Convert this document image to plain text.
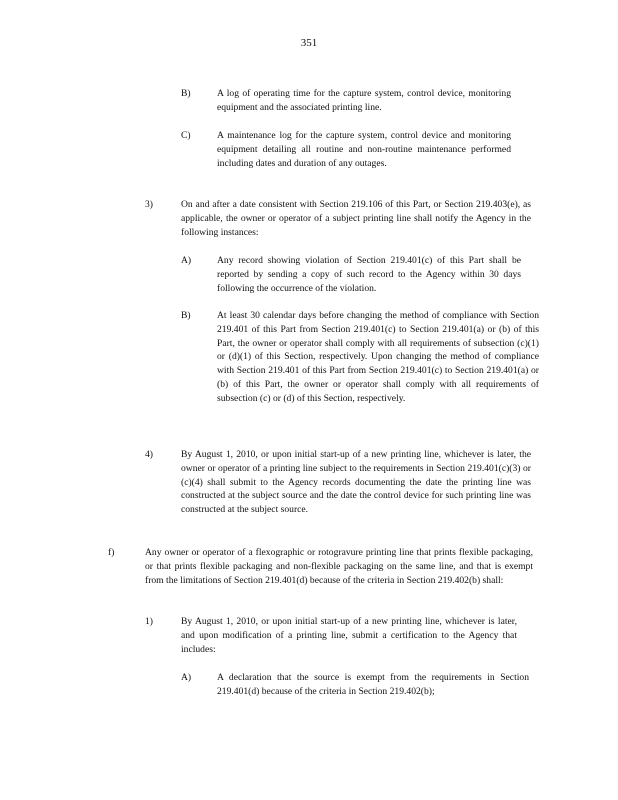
351
B)	A log of operating time for the capture system, control device, monitoring equipment and the associated printing line.
C)	A maintenance log for the capture system, control device and monitoring equipment detailing all routine and non-routine maintenance performed including dates and duration of any outages.
3)	On and after a date consistent with Section 219.106 of this Part, or Section 219.403(e), as applicable, the owner or operator of a subject printing line shall notify the Agency in the following instances:
A)	Any record showing violation of Section 219.401(c) of this Part shall be reported by sending a copy of such record to the Agency within 30 days following the occurrence of the violation.
B)	At least 30 calendar days before changing the method of compliance with Section 219.401 of this Part from Section 219.401(c) to Section 219.401(a) or (b) of this Part, the owner or operator shall comply with all requirements of subsection (c)(1) or (d)(1) of this Section, respectively. Upon changing the method of compliance with Section 219.401 of this Part from Section 219.401(c) to Section 219.401(a) or (b) of this Part, the owner or operator shall comply with all requirements of subsection (c) or (d) of this Section, respectively.
4)	By August 1, 2010, or upon initial start-up of a new printing line, whichever is later, the owner or operator of a printing line subject to the requirements in Section 219.401(c)(3) or (c)(4) shall submit to the Agency records documenting the date the printing line was constructed at the subject source and the date the control device for such printing line was constructed at the subject source.
f)	Any owner or operator of a flexographic or rotogravure printing line that prints flexible packaging, or that prints flexible packaging and non-flexible packaging on the same line, and that is exempt from the limitations of Section 219.401(d) because of the criteria in Section 219.402(b) shall:
1)	By August 1, 2010, or upon initial start-up of a new printing line, whichever is later, and upon modification of a printing line, submit a certification to the Agency that includes:
A)	A declaration that the source is exempt from the requirements in Section 219.401(d) because of the criteria in Section 219.402(b);
